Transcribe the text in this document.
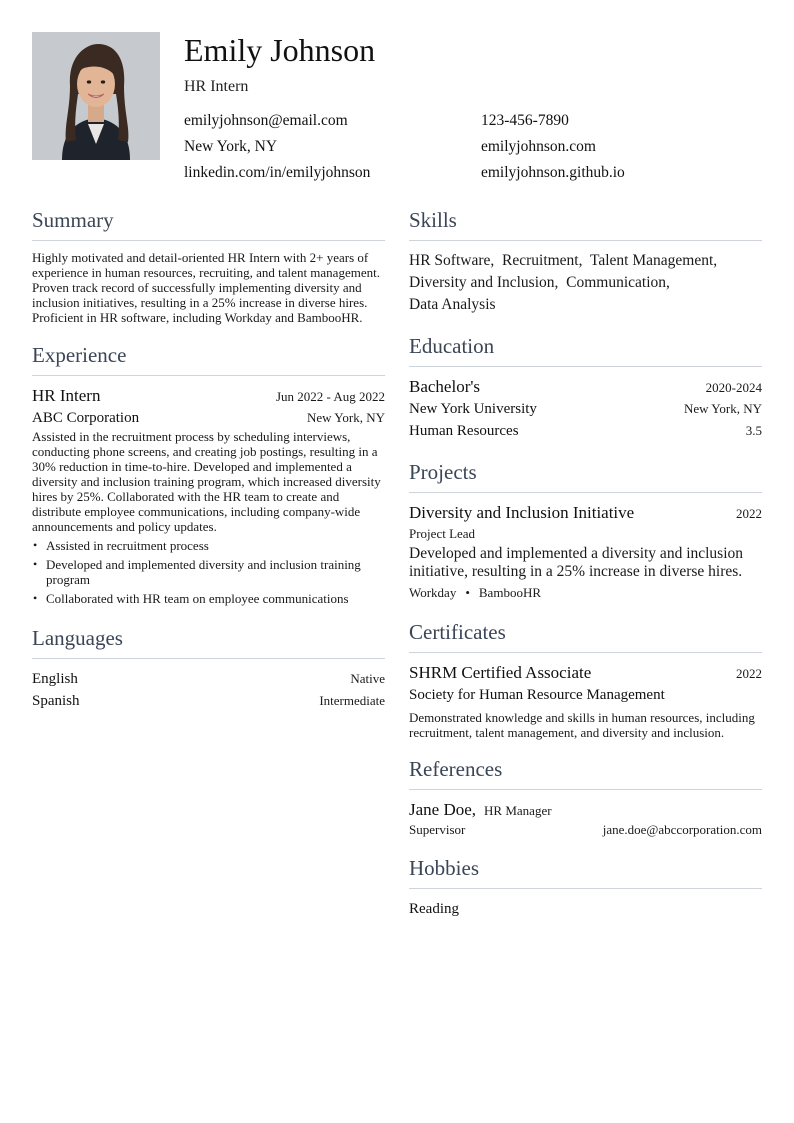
Emily Johnson
HR Intern
emilyjohnson@email.com	123-456-7890
New York, NY	emilyjohnson.com
linkedin.com/in/emilyjohnson	emilyjohnson.github.io
Summary

Highly motivated and detail-oriented HR Intern with 2+ years of experience in human resources, recruiting, and talent management. Proven track record of successfully implementing diversity and inclusion initiatives, resulting in a 25% increase in diverse hires. Proficient in HR software, including Workday and BambooHR.

Experience
HR Intern	Jun 2022 - Aug 2022
ABC Corporation	New York, NY

Assisted in the recruitment process by scheduling interviews, conducting phone screens, and creating job postings, resulting in a 30% reduction in time-to-hire. Developed and implemented a diversity and inclusion training program, which increased diversity hires by 25%. Collaborated with the HR team to create and distribute employee communications, including company-wide announcements and policy updates.

• Assisted in recruitment process
• Developed and implemented diversity and inclusion training program
• Collaborated with HR team on employee communications
Languages
English	Native
Spanish	Intermediate
Skills
HR Software, Recruitment, Talent Management,
Diversity and Inclusion, Communication,
Data Analysis
Education
Bachelor's	2020-2024
New York University	New York, NY
Human Resources	3.5
Projects
Diversity and Inclusion Initiative	2022
Project Lead

Developed and implemented a diversity and inclusion initiative, resulting in a 25% increase in diverse hires.

Workday • BambooHR
Certificates
SHRM Certified Associate	2022
Society for Human Resource Management

Demonstrated knowledge and skills in human resources, including recruitment, talent management, and diversity and inclusion.

References
Jane Doe, HR Manager
Supervisor	jane.doe@abccorporation.com
Hobbies
Reading
